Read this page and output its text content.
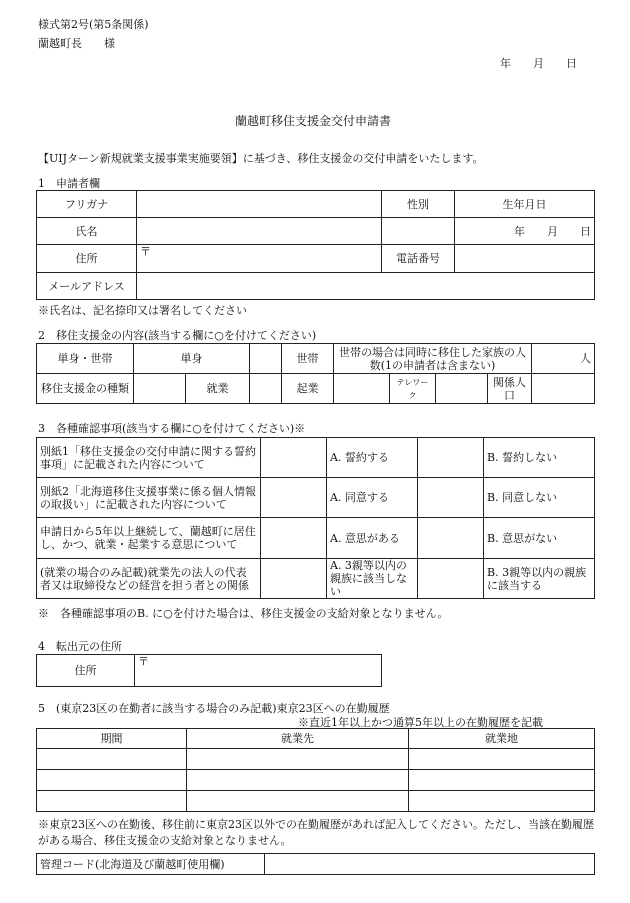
様式第2号(第5条関係)
蘭越町長　　様
年　　月　　日
蘭越町移住支援金交付申請書
【UIJターン新規就業支援事業実施要領】に基づき、移住支援金の交付申請をいたします。
1　申請者欄
フリガナ		性別	生年月日
氏名			年　　月　　日
住所	〒	電話番号	
メールアドレス			
※氏名は、記名捺印又は署名してください
2　移住支援金の内容(該当する欄に○を付けてください)
単身・世帯	単身			世帯	世帯の場合は同時に移住した家族の人数(1の申請者は含まない)				人
移住支援金の種類		就業		起業		テレワーク		関係人口	
3　各種確認事項(該当する欄に○を付けてください)※
別紙1「移住支援金の交付申請に関する誓約事項」に記載された内容について		A. 誓約する		B. 誓約しない
別紙2「北海道移住支援事業に係る個人情報の取扱い」に記載された内容について		A. 同意する		B. 同意しない
申請日から5年以上継続して、蘭越町に居住し、かつ、就業・起業する意思について		A. 意思がある		B. 意思がない
(就業の場合のみ記載)就業先の法人の代表者又は取締役などの経営を担う者との関係		A. 3親等以内の親族に該当しない		B. 3親等以内の親族に該当する
※　各種確認事項のB. に○を付けた場合は、移住支援金の支給対象となりません。
4　転出元の住所
住所	〒
5　(東京23区の在勤者に該当する場合のみ記載)東京23区への在勤履歴
※直近1年以上かつ通算5年以上の在勤履歴を記載
期間	就業先	就業地

※東京23区への在勤後、移住前に東京23区以外での在勤履歴があれば記入してください。ただし、当該在勤履歴がある場合、移住支援金の支給対象となりません。
管理コード(北海道及び蘭越町使用欄)	
